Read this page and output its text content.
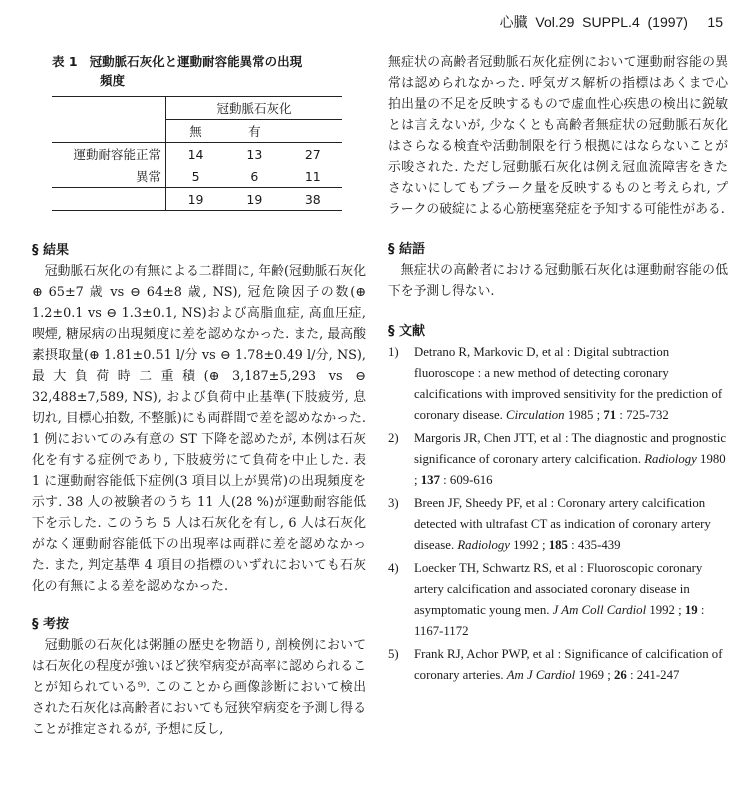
心臓  Vol.29  SUPPL.4  (1997)     15
表 1 冠動脈石灰化と運動耐容能異常の出現
頻度
	冠動脈石灰化		
	無	有	
運動耐容能正常	14	13	27
異常	5	6	11
	19	19	38
§ 結果

冠動脈石灰化の有無による二群間に, 年齢(冠動脈石灰化⊕ 65±7 歳 vs ⊖ 64±8 歳, NS), 冠危険因子の数(⊕ 1.2±0.1 vs ⊖ 1.3±0.1, NS)および高脂血症, 高血圧症, 喫煙, 糖尿病の出現頻度に差を認めなかった. また, 最高酸素摂取量(⊕ 1.81±0.51 l/分 vs ⊖ 1.78±0.49 l/分, NS), 最大負荷時二重積(⊕ 3,187±5,293 vs ⊖ 32,488±7,589, NS), および負荷中止基準(下肢疲労, 息切れ, 目標心拍数, 不整脈)にも両群間で差を認めなかった. 1 例においてのみ有意の ST 下降を認めたが, 本例は石灰化を有する症例であり, 下肢疲労にて負荷を中止した. 表 1 に運動耐容能低下症例(3 項目以上が異常)の出現頻度を示す. 38 人の被験者のうち 11 人(28 %)が運動耐容能低下を示した. このうち 5 人は石灰化を有し, 6 人は石灰化がなく運動耐容能低下の出現率は両群に差を認めなかった. また, 判定基準 4 項目の指標のいずれにおいても石灰化の有無による差を認めなかった.

§ 考按

冠動脈の石灰化は粥腫の歴史を物語り, 剖検例においては石灰化の程度が強いほど狭窄病変が高率に認められることが知られている⁹⁾. このことから画像診断において検出された石灰化は高齢者においても冠狭窄病変を予測し得ることが推定されるが, 予想に反し,

無症状の高齢者冠動脈石灰化症例において運動耐容能の異常は認められなかった. 呼気ガス解析の指標はあくまで心拍出量の不足を反映するもので虚血性心疾患の検出に鋭敏とは言えないが, 少なくとも高齢者無症状の冠動脈石灰化はさらなる検査や活動制限を行う根拠にはならないことが示唆された. ただし冠動脈石灰化は例え冠血流障害をきたさないにしてもプラーク量を反映するものと考えられ, プラークの破綻による心筋梗塞発症を予知する可能性がある.

§ 結語

無症状の高齢者における冠動脈石灰化は運動耐容能の低下を予測し得ない.

§ 文献
1) Detrano R, Markovic D, et al : Digital subtraction fluoroscope : a new method of detecting coronary calcifications with improved sensitivity for the prediction of coronary disease. Circulation 1985 ; 71 : 725-732
2) Margoris JR, Chen JTT, et al : The diagnostic and prognostic significance of coronary artery calcification. Radiology 1980 ; 137 : 609-616
3) Breen JF, Sheedy PF, et al : Coronary artery calcification detected with ultrafast CT as indication of coronary artery disease. Radiology 1992 ; 185 : 435-439
4) Loecker TH, Schwartz RS, et al : Fluoroscopic coronary artery calcification and associated coronary disease in asymptomatic young men. J Am Coll Cardiol 1992 ; 19 : 1167-1172
5) Frank RJ, Achor PWP, et al : Significance of calcification of coronary arteries. Am J Cardiol 1969 ; 26 : 241-247
